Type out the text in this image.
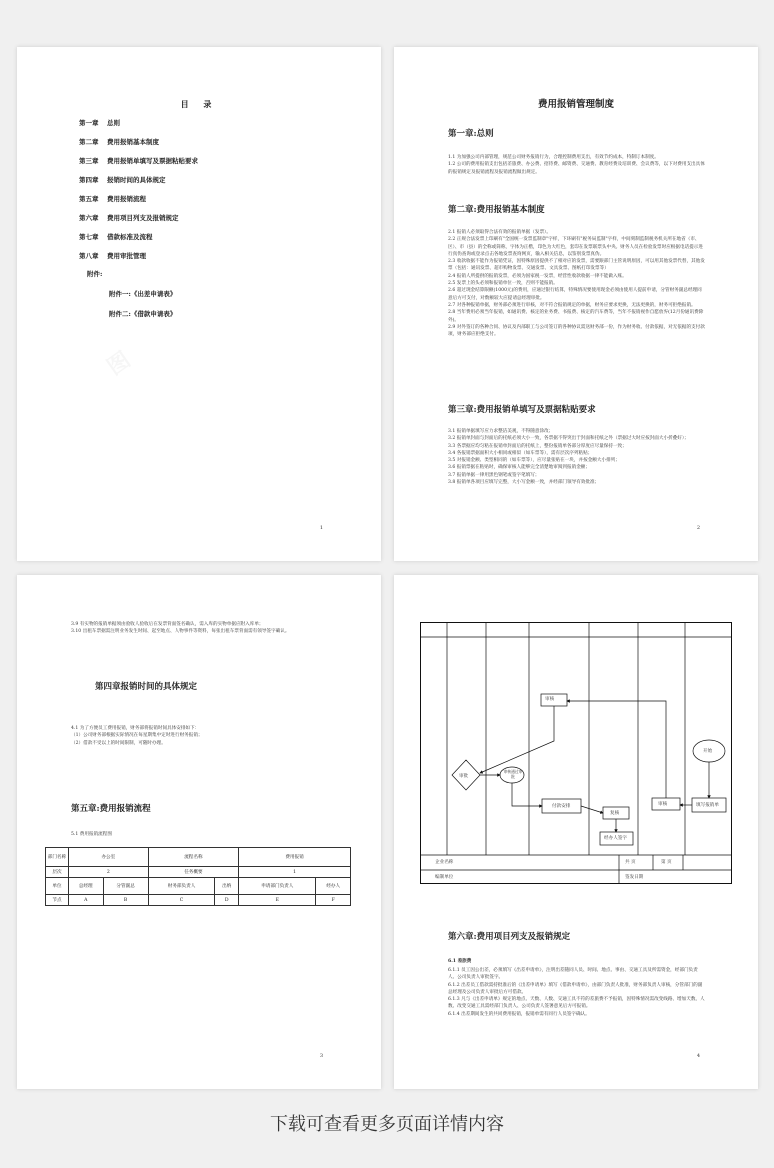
目 录
第一章 总则
第二章 费用报销基本制度
第三章 费用报销单填写及票据粘贴要求
第四章 报销时间的具体规定
第五章 费用报销流程
第六章 费用项目列支及报销规定
第七章 借款标准及流程
第八章 费用审批管理
附件:
附件一:《出差申请表》
附件二:《借款申请表》
1
费用报销管理制度
第一章:总则

1.1 为加强公司内部管理，规范公司财务报销行为，合理控制费用支出，有效节约成本，特制订本制度。

1.2 公司的费用报销支出包括差旅费、办公费、招待费、邮资费、交通费、教育经费及培训费、会议费等，以下对费用支出具体的报销规定及报销流程及报销流程做出规定。

第二章:费用报销基本制度

2.1 报销人必须取得合法有效的报销单据（发票）。

2.2 正规合法发票上印刷有"全国统一发票监制章"字样，下环刷有"税务局监制"字样，中间刻制监制税务机关所在地省（市、区）、市（县）的全称或简称，字体为正楷，印色为大红色，套印在发票联票头中央。财务人员在检验发票时应根据电话提示进行真伪查询或登录点击各地发票查询网页，输入相关信息，以鉴别发票真伪。

2.3 收款收据不能作为报销凭证，因特殊原因提供不了相对应的发票，需要跟部门主管说明原因，可以用其他发票代替，其他发票（包括：通讯发票、超市购物发票、交通发票、文具发票、图纸打印发票等）

2.4 报销人所提供的报销发票，必须为国家税一发票，经营性收款收据一律不能做入账。

2.5 发票上的头必须和报销单位一致，否则不能报销。

2.6 超过现金结算限额(1000元)的费用，应通过银行结算，特殊情况要使用现金必须由使用人提前申请，分管财务副总经理同意后方可支付，对数额较大应提请总经理审批。

2.7 对各种报销单据，财务部必须进行审核，对不符合报销规定的单据，财务应要求更换，无法更换的，财务可拒绝报销。

2.8 当年费用必须当年报销，如通讯费、核定的业务费、书报费、核定的汽车费等，当年不报销视作自愿放弃(12月份通讯费除外)。

2.9 对外签订的各种合同、协议及内部职工与公司签订的各种协议需送财务部一份，作为财务收、付款依据，对无依据的支付款项，财务部应拒绝支付。

第三章:费用报销单填写及票据粘贴要求

3.1 报销单据填写应力求整洁美观，不得随意涂改；

3.2 报销单封面与封面后的托纸必须大小一致，各票据不得突出于封面和托纸之外（票据过大时应按封面大小折叠好）；

3.3 各票据应均匀粘在报销单封面后的托纸上，整份报销单各部分厚度应尽量保持一致；

3.4 各报销票据面积大小相同或相似（如车票等），需有层次序列粘贴；

3.5 对报销金额、类型相同的（如车票等），应尽量张贴在一块，并按金额大小排列；

3.6 报销票据在粘贴时，确保审核人能够完全清楚地审阅到报销金额；

3.7 报销单据一律用黑色钢笔或签字笔填写；

3.8 报销单各项目应填写完整，大小写金额一致，并经部门领导有效批准；

2

3.9 有实物的报销单据须由验收人验收后在发票背面签名确认，需入库的实物单据应附入库单；

3.10 出租车票据需注明业务发生时间、起至地点、人物事件等资料，每张出租车票背面需有领导签字确认。

第四章报销时间的具体规定

4.1 为了方便员工费用报销，财务部将报销时间具体安排如下：

（1）公司财务部根据实际情况在每星期集中定时进行财务报销；

（2）借款不受以上的时间限制，可随时办理。

第五章:费用报销流程
5.1 费用报销流程图
部门名称	办公室		流程名称		费用报销	
层次	2		任务概要		1	
单位	总经理	分管副总	财务部负责人	出纳	申请部门负责人	经办人
节点	A	B	C	D	E	F
3
审核
审批
审核通过审批
付款安排
复核
经办人签字
审核	填写报销单
开始
企业名称	共 页	第 页
编制单位	签发日期
第六章:费用项目列支及报销规定
6.1 差旅费

6.1.1 员工因公出差，必须填写《出差申请单》，注明出差随同人员、时间、地点、事由、交通工具及所需资金，经部门负责人、公司负责人审批签字。

6.1.2 出差员工借款需持批准后的《出差申请单》填写《借款申请单》，由部门负责人批准，财务部负责人审核，分管部门的副总经理及公司负责人审批后方可借款。

6.1.3 凡与《出差申请单》规定的地点、天数、人数、交通工具不符的差旅费不予报销，因特殊情况需改变线路、增加天数、人数、改变交通工具需经部门负责人、公司负责人签署意见后方可报销。

6.1.4 出差期间发生的共同费用报销，报销单需有同行人员签字确认。

4
下载可查看更多页面详情内容
